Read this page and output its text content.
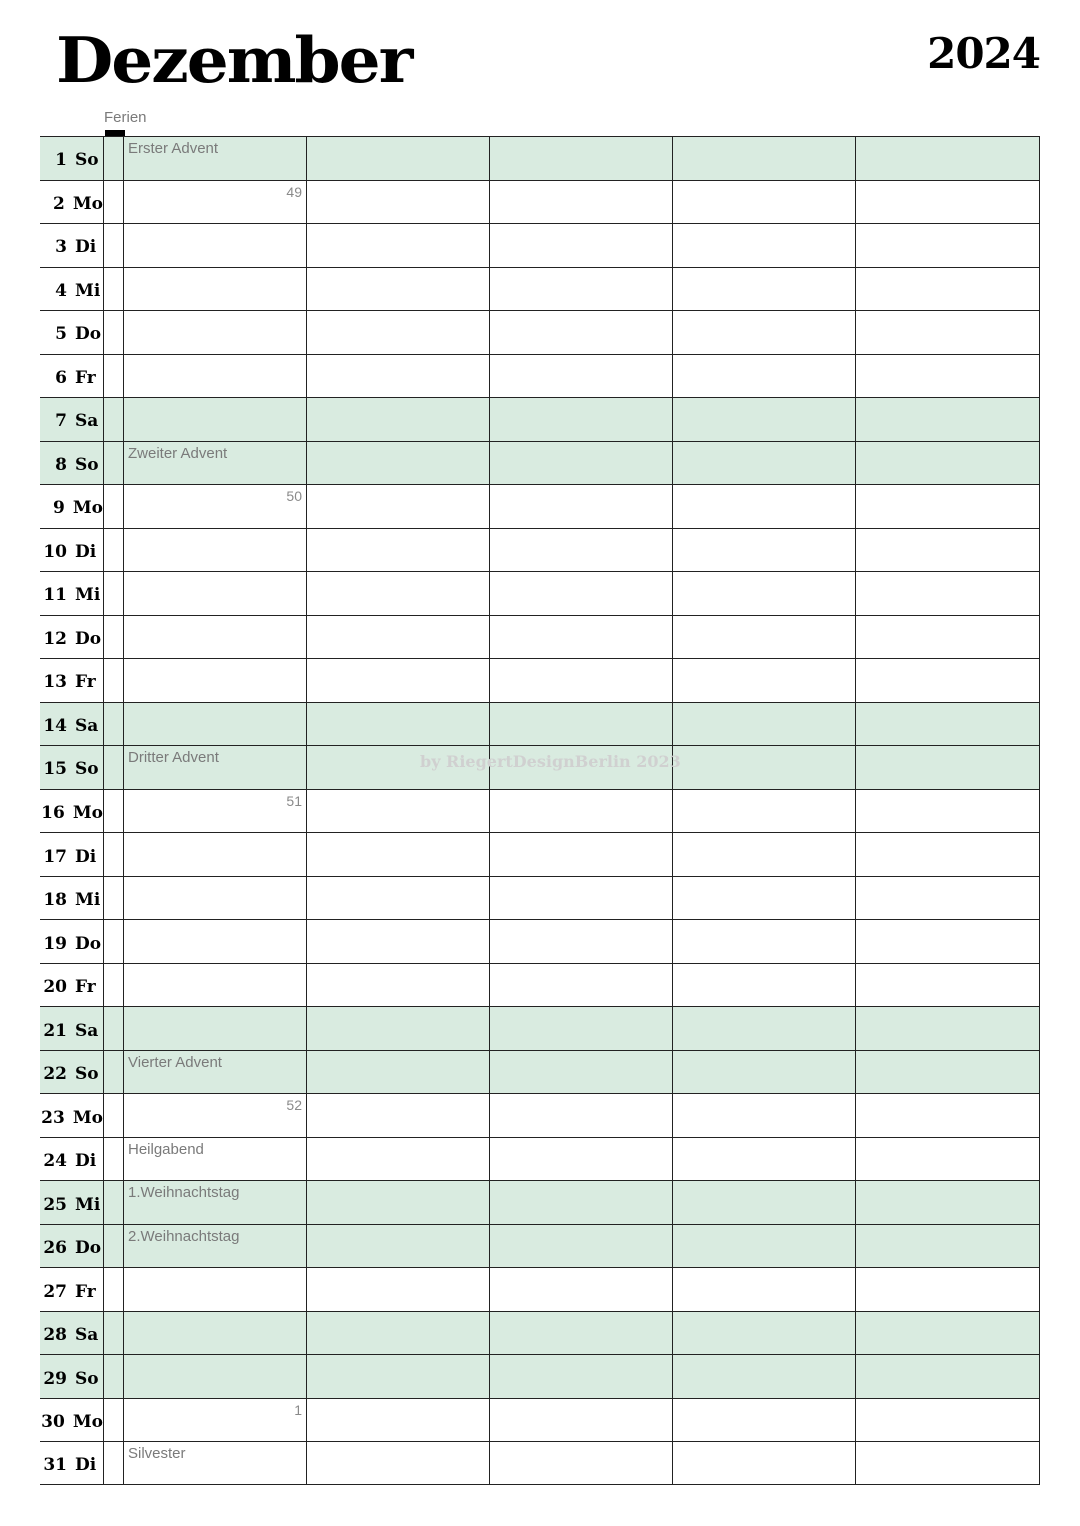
Dezember	2024
Ferien
1 So
Erster Advent
2 Mo
49
3 Di
4 Mi
5 Do
6 Fr
7 Sa
8 So
Zweiter Advent
9 Mo
50
10 Di
11 Mi
12 Do
13 Fr
14 Sa
15 So
Dritter Advent
16 Mo
51
17 Di
18 Mi
19 Do
20 Fr
21 Sa
22 So
Vierter Advent
23 Mo
52
24 Di
Heilgabend
25 Mi
1.Weihnachtstag
26 Do
2.Weihnachtstag
27 Fr
28 Sa
29 So
30 Mo
1
31 Di
Silvester
by RiegertDesignBerlin 2023
